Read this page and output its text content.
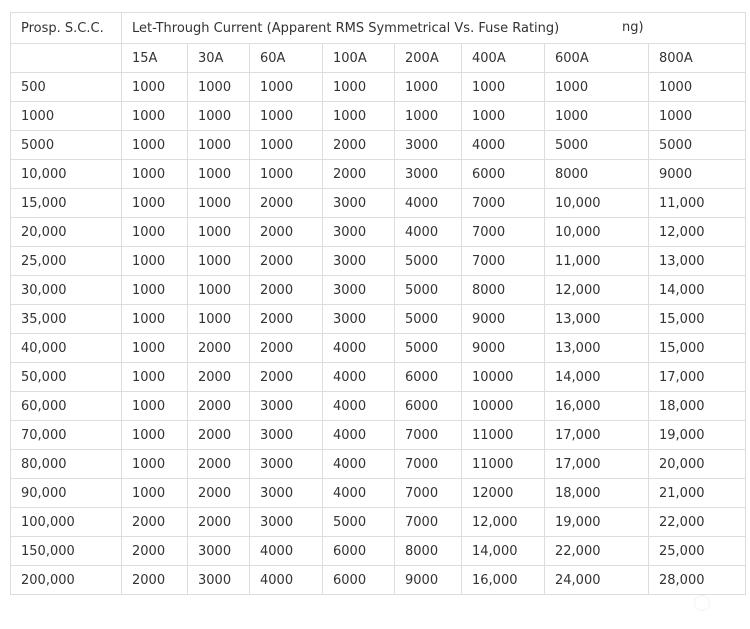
Prosp. S.C.C.	Let-Through Current (Apparent RMS Symmetrical Vs. Fuse Rating) ng)							

	15A	30A	60A	100A	200A	400A	600A	800A
500	1000	1000	1000	1000	1000	1000	1000	1000
1000	1000	1000	1000	1000	1000	1000	1000	1000
5000	1000	1000	1000	2000	3000	4000	5000	5000
10,000	1000	1000	1000	2000	3000	6000	8000	9000
15,000	1000	1000	2000	3000	4000	7000	10,000	11,000
20,000	1000	1000	2000	3000	4000	7000	10,000	12,000
25,000	1000	1000	2000	3000	5000	7000	11,000	13,000
30,000	1000	1000	2000	3000	5000	8000	12,000	14,000
35,000	1000	1000	2000	3000	5000	9000	13,000	15,000
40,000	1000	2000	2000	4000	5000	9000	13,000	15,000
50,000	1000	2000	2000	4000	6000	10000	14,000	17,000
60,000	1000	2000	3000	4000	6000	10000	16,000	18,000
70,000	1000	2000	3000	4000	7000	11000	17,000	19,000
80,000	1000	2000	3000	4000	7000	11000	17,000	20,000
90,000	1000	2000	3000	4000	7000	12000	18,000	21,000
100,000	2000	2000	3000	5000	7000	12,000	19,000	22,000
150,000	2000	3000	4000	6000	8000	14,000	22,000	25,000
200,000	2000	3000	4000	6000	9000	16,000	24,000	28,000
